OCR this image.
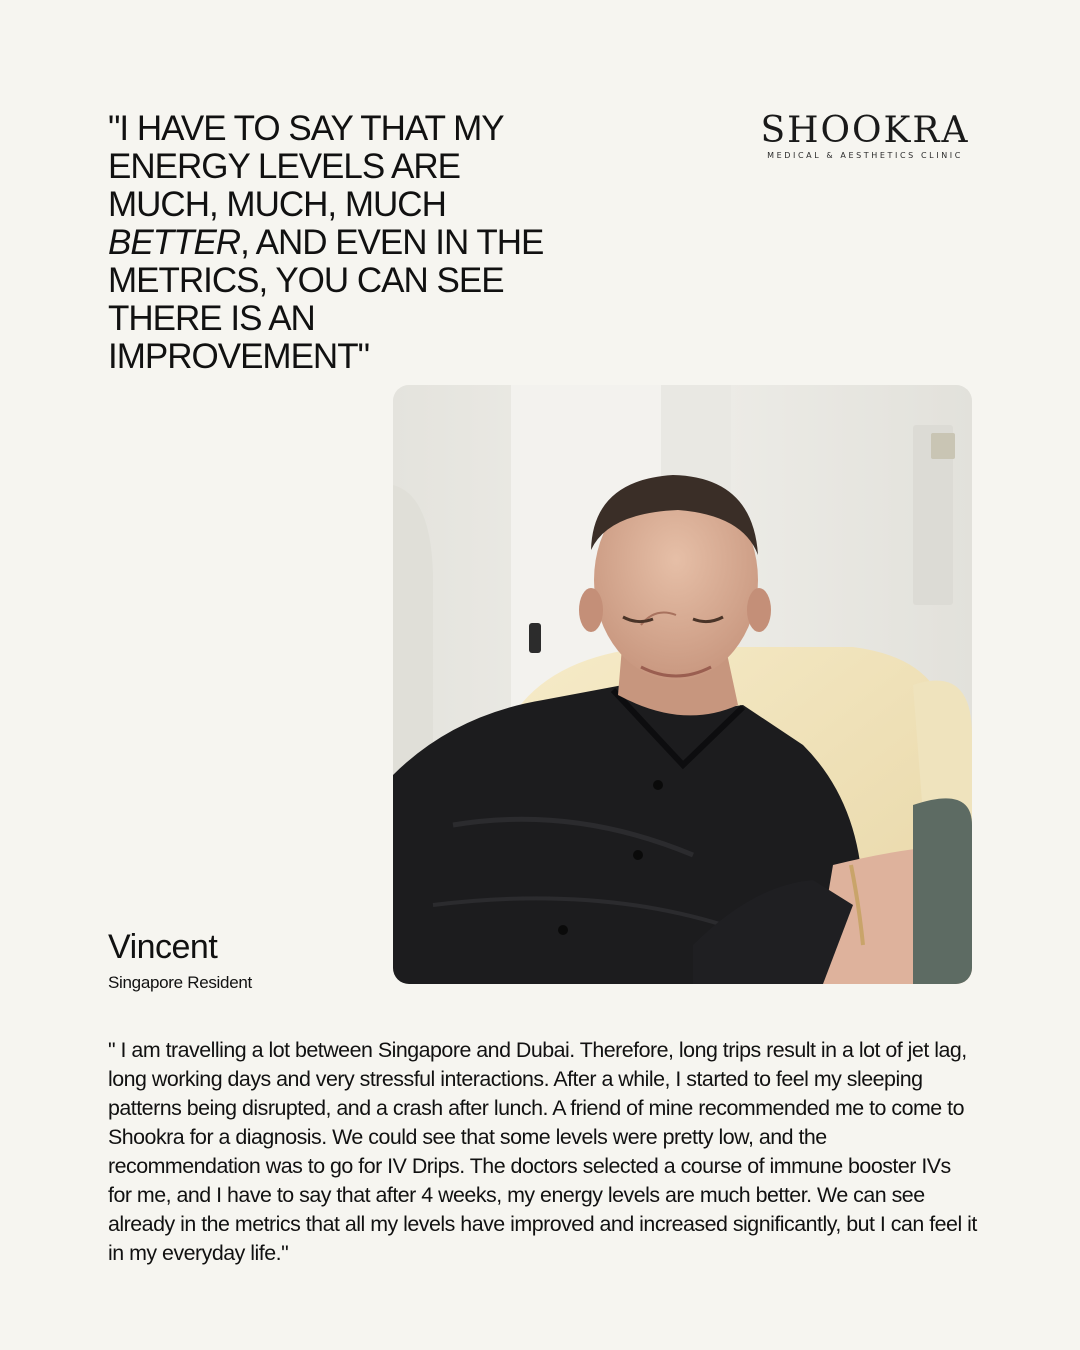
"I HAVE TO SAY THAT MY ENERGY LEVELS ARE MUCH, MUCH, MUCH BETTER, AND EVEN IN THE METRICS, YOU CAN SEE THERE IS AN IMPROVEMENT"
SHOOKRA
MEDICAL & AESTHETICS CLINIC
Vincent
Singapore Resident

" I am travelling a lot between Singapore and Dubai. Therefore, long trips result in a lot of jet lag, long working days and very stressful interactions. After a while, I started to feel my sleeping patterns being disrupted, and a crash after lunch. A friend of mine recommended me to come to Shookra for a diagnosis. We could see that some levels were pretty low, and the recommendation was to go for IV Drips. The doctors selected a course of immune booster IVs for me, and I have to say that after 4 weeks, my energy levels are much better. We can see already in the metrics that all my levels have improved and increased significantly, but I can feel it in my everyday life."
